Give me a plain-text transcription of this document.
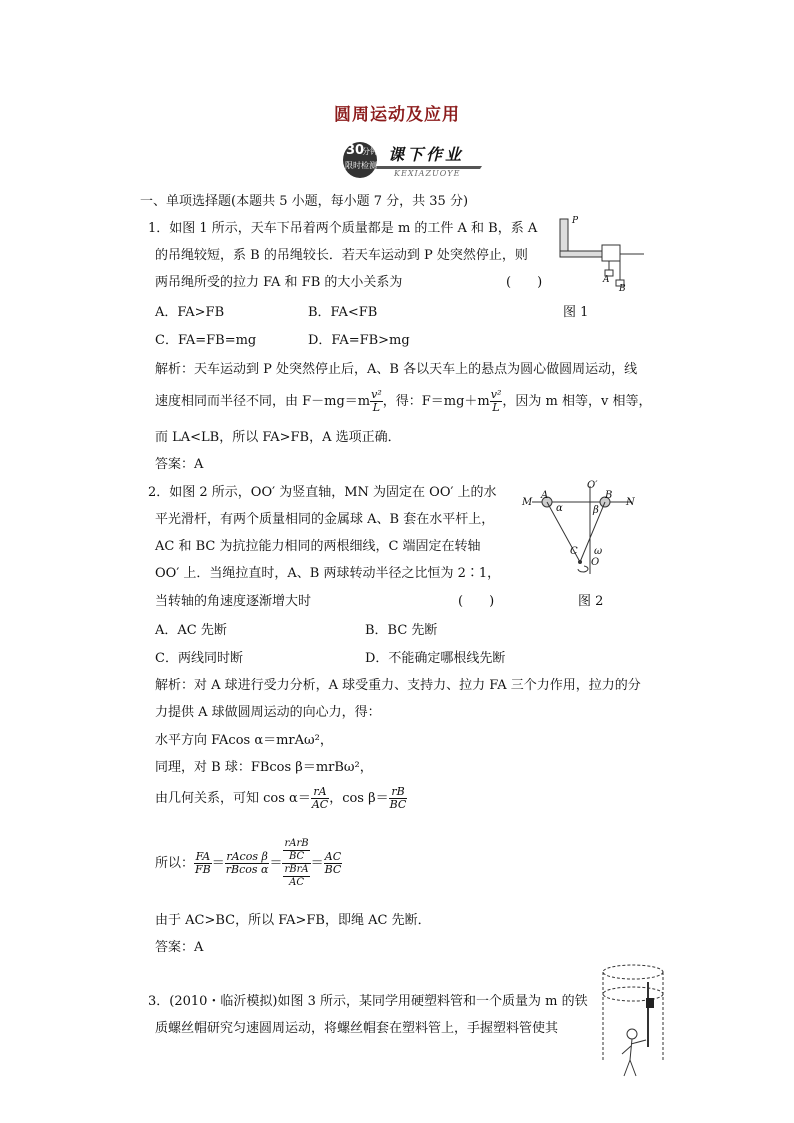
圆周运动及应用
30
分钟
限时检测
课下作业
KEXIAZUOYE
一、单项选择题(本题共 5 小题，每小题 7 分，共 35 分)
1．如图 1 所示，天车下吊着两个质量都是 m 的工件 A 和 B，系 A
的吊绳较短，系 B 的吊绳较长．若天车运动到 P 处突然停止，则
两吊绳所受的拉力 FA 和 FB 的大小关系为	(　　)
A．FA>FB	B．FA<FB
C．FA=FB=mg	D．FA=FB>mg
图 1
P
A
B
解析：天车运动到 P 处突然停止后，A、B 各以天车上的悬点为圆心做圆周运动，线
速度相同而半径不同，由 $F-mg=m \frac{\text{v²}}{L}$ ，得：$F=mg+m \frac{\text{v²}}{L}$ ，因为 m 相等，v 相等，
而 LA<LB，所以 FA>FB，A 选项正确．
答案：A
2．如图 2 所示，OO′ 为竖直轴，MN 为固定在 OO′ 上的水
平光滑杆，有两个质量相同的金属球 A、B 套在水平杆上，
AC 和 BC 为抗拉能力相同的两根细线，C 端固定在转轴
OO′ 上．当绳拉直时，A、B 两球转动半径之比恒为 2∶1，
当转轴的角速度逐渐增大时	(　　)	图 2
O′
M
A	B
N
α	β
C ω
O
A．AC 先断	B．BC 先断
C．两线同时断	D．不能确定哪根线先断
解析：对 A 球进行受力分析，A 球受重力、支持力、拉力 FA 三个力作用，拉力的分
力提供 A 球做圆周运动的向心力，得：
水平方向 FAcos α＝mrAω²，
同理，对 B 球：FBcos β＝mrBω²，
由几何关系，可知 $\cos \alpha= \frac{rA}{AC}$ ，$\cos \beta= \frac{rB}{BC}$
所以： $\frac{FA}{FB} = \frac{\text{rAcos β}}{\text{rBcos α}} = \frac{\frac{\text{rArB}}{BC}}{\frac{\text{rBrA}}{AC}} = \frac{AC}{BC}$
由于 AC>BC，所以 FA>FB，即绳 AC 先断．
答案：A
3．(2010・临沂模拟)如图 3 所示，某同学用硬塑料管和一个质量为 m 的铁
质螺丝帽研究匀速圆周运动，将螺丝帽套在塑料管上，手握塑料管使其
